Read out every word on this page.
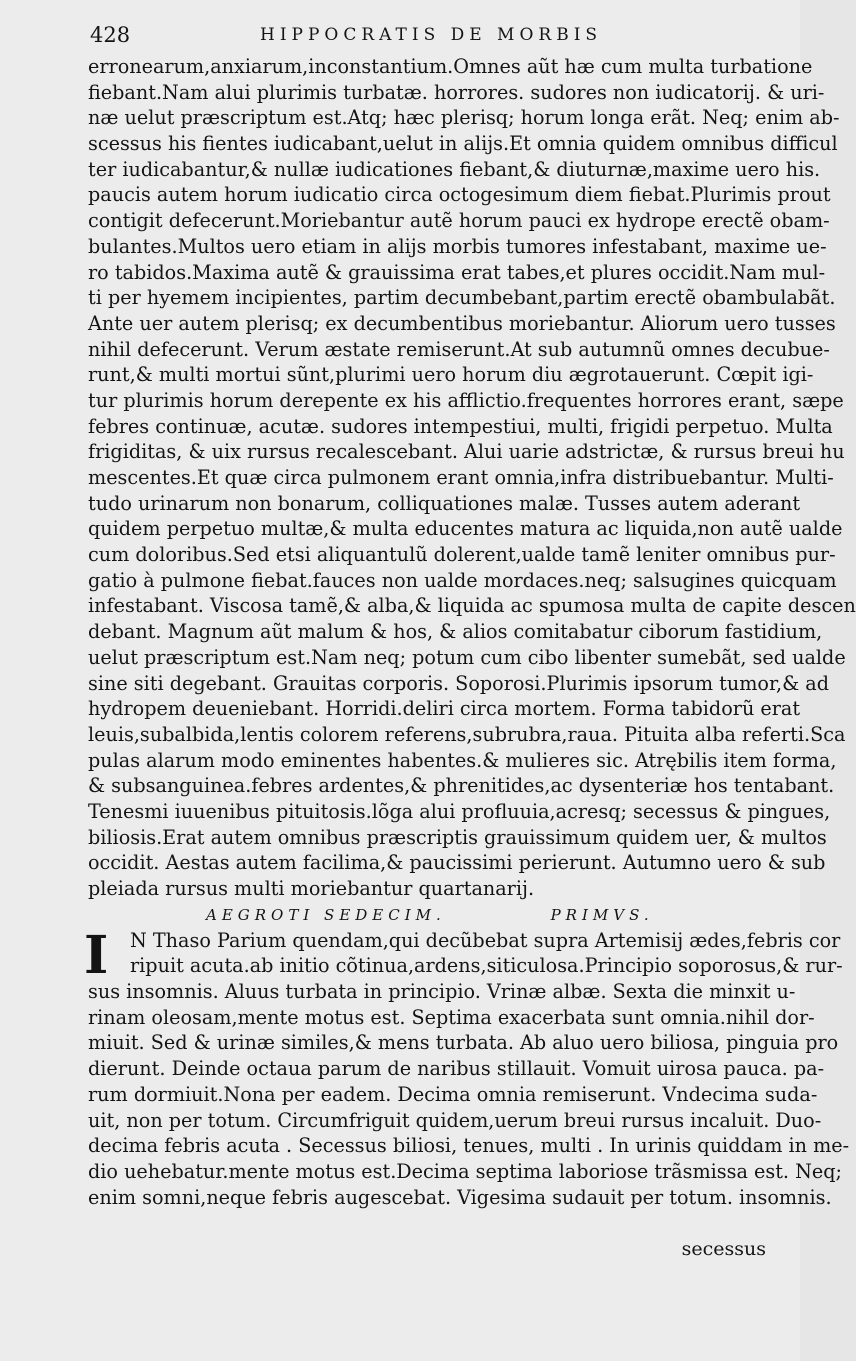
428	HIPPOCRATIS DE MORBIS
erronearum,anxiarum,inconstantium.Omnes aũt hæ cum multa turbatione
fiebant.Nam alui plurimis turbatæ. horrores. sudores non iudicatorij. & uri-
næ uelut præscriptum est.Atq; hæc plerisq; horum longa erãt. Neq; enim ab-
scessus his fientes iudicabant,uelut in alijs.Et omnia quidem omnibus difficul
ter iudicabantur,& nullæ iudicationes fiebant,& diuturnæ,maxime uero his.
paucis autem horum iudicatio circa octogesimum diem fiebat.Plurimis prout
contigit defecerunt.Moriebantur autẽ horum pauci ex hydrope erectẽ obam-
bulantes.Multos uero etiam in alijs morbis tumores infestabant, maxime ue-
ro tabidos.Maxima autẽ & grauissima erat tabes,et plures occidit.Nam mul-
ti per hyemem incipientes, partim decumbebant,partim erectẽ obambulabãt.
Ante uer autem plerisq; ex decumbentibus moriebantur. Aliorum uero tusses
nihil defecerunt. Verum æstate remiserunt.At sub autumnũ omnes decubue-
runt,& multi mortui sũnt,plurimi uero horum diu ægrotauerunt. Cœpit igi-
tur plurimis horum derepente ex his afflictio.frequentes horrores erant, sæpe
febres continuæ, acutæ. sudores intempestiui, multi, frigidi perpetuo. Multa
frigiditas, & uix rursus recalescebant. Alui uarie adstrictæ, & rursus breui hu
mescentes.Et quæ circa pulmonem erant omnia,infra distribuebantur. Multi-
tudo urinarum non bonarum, colliquationes malæ. Tusses autem aderant
quidem perpetuo multæ,& multa educentes matura ac liquida,non autẽ ualde
cum doloribus.Sed etsi aliquantulũ dolerent,ualde tamẽ leniter omnibus pur-
gatio à pulmone fiebat.fauces non ualde mordaces.neq; salsugines quicquam
infestabant. Viscosa tamẽ,& alba,& liquida ac spumosa multa de capite descen
debant. Magnum aũt malum & hos, & alios comitabatur ciborum fastidium,
uelut præscriptum est.Nam neq; potum cum cibo libenter sumebãt, sed ualde
sine siti degebant. Grauitas corporis. Soporosi.Plurimis ipsorum tumor,& ad
hydropem deueniebant. Horridi.deliri circa mortem. Forma tabidorũ erat
leuis,subalbida,lentis colorem referens,subrubra,raua. Pituita alba referti.Sca
pulas alarum modo eminentes habentes.& mulieres sic. Atrębilis item forma,
& subsanguinea.febres ardentes,& phrenitides,ac dysenteriæ hos tentabant.
Tenesmi iuuenibus pituitosis.lõga alui profluuia,acresq; secessus & pingues,
biliosis.Erat autem omnibus præscriptis grauissimum quidem uer, & multos
occidit. Aestas autem facilima,& paucissimi perierunt. Autumno uero & sub
pleiada rursus multi moriebantur quartanarij.
AEGROTI SEDECIM.	PRIMVS.
I	N Thaso Parium quendam,qui decũbebat supra Artemisij ædes,febris cor
ripuit acuta.ab initio cõtinua,ardens,siticulosa.Principio soporosus,& rur-
sus insomnis. Aluus turbata in principio. Vrinæ albæ. Sexta die minxit u-
rinam oleosam,mente motus est. Septima exacerbata sunt omnia.nihil dor-
miuit. Sed & urinæ similes,& mens turbata. Ab aluo uero biliosa, pinguia pro
dierunt. Deinde octaua parum de naribus stillauit. Vomuit uirosa pauca. pa-
rum dormiuit.Nona per eadem. Decima omnia remiserunt. Vndecima suda-
uit, non per totum. Circumfriguit quidem,uerum breui rursus incaluit. Duo-
decima febris acuta . Secessus biliosi, tenues, multi . In urinis quiddam in me-
dio uehebatur.mente motus est.Decima septima laboriose trãsmissa est. Neq;
enim somni,neque febris augescebat. Vigesima sudauit per totum. insomnis.
secessus
